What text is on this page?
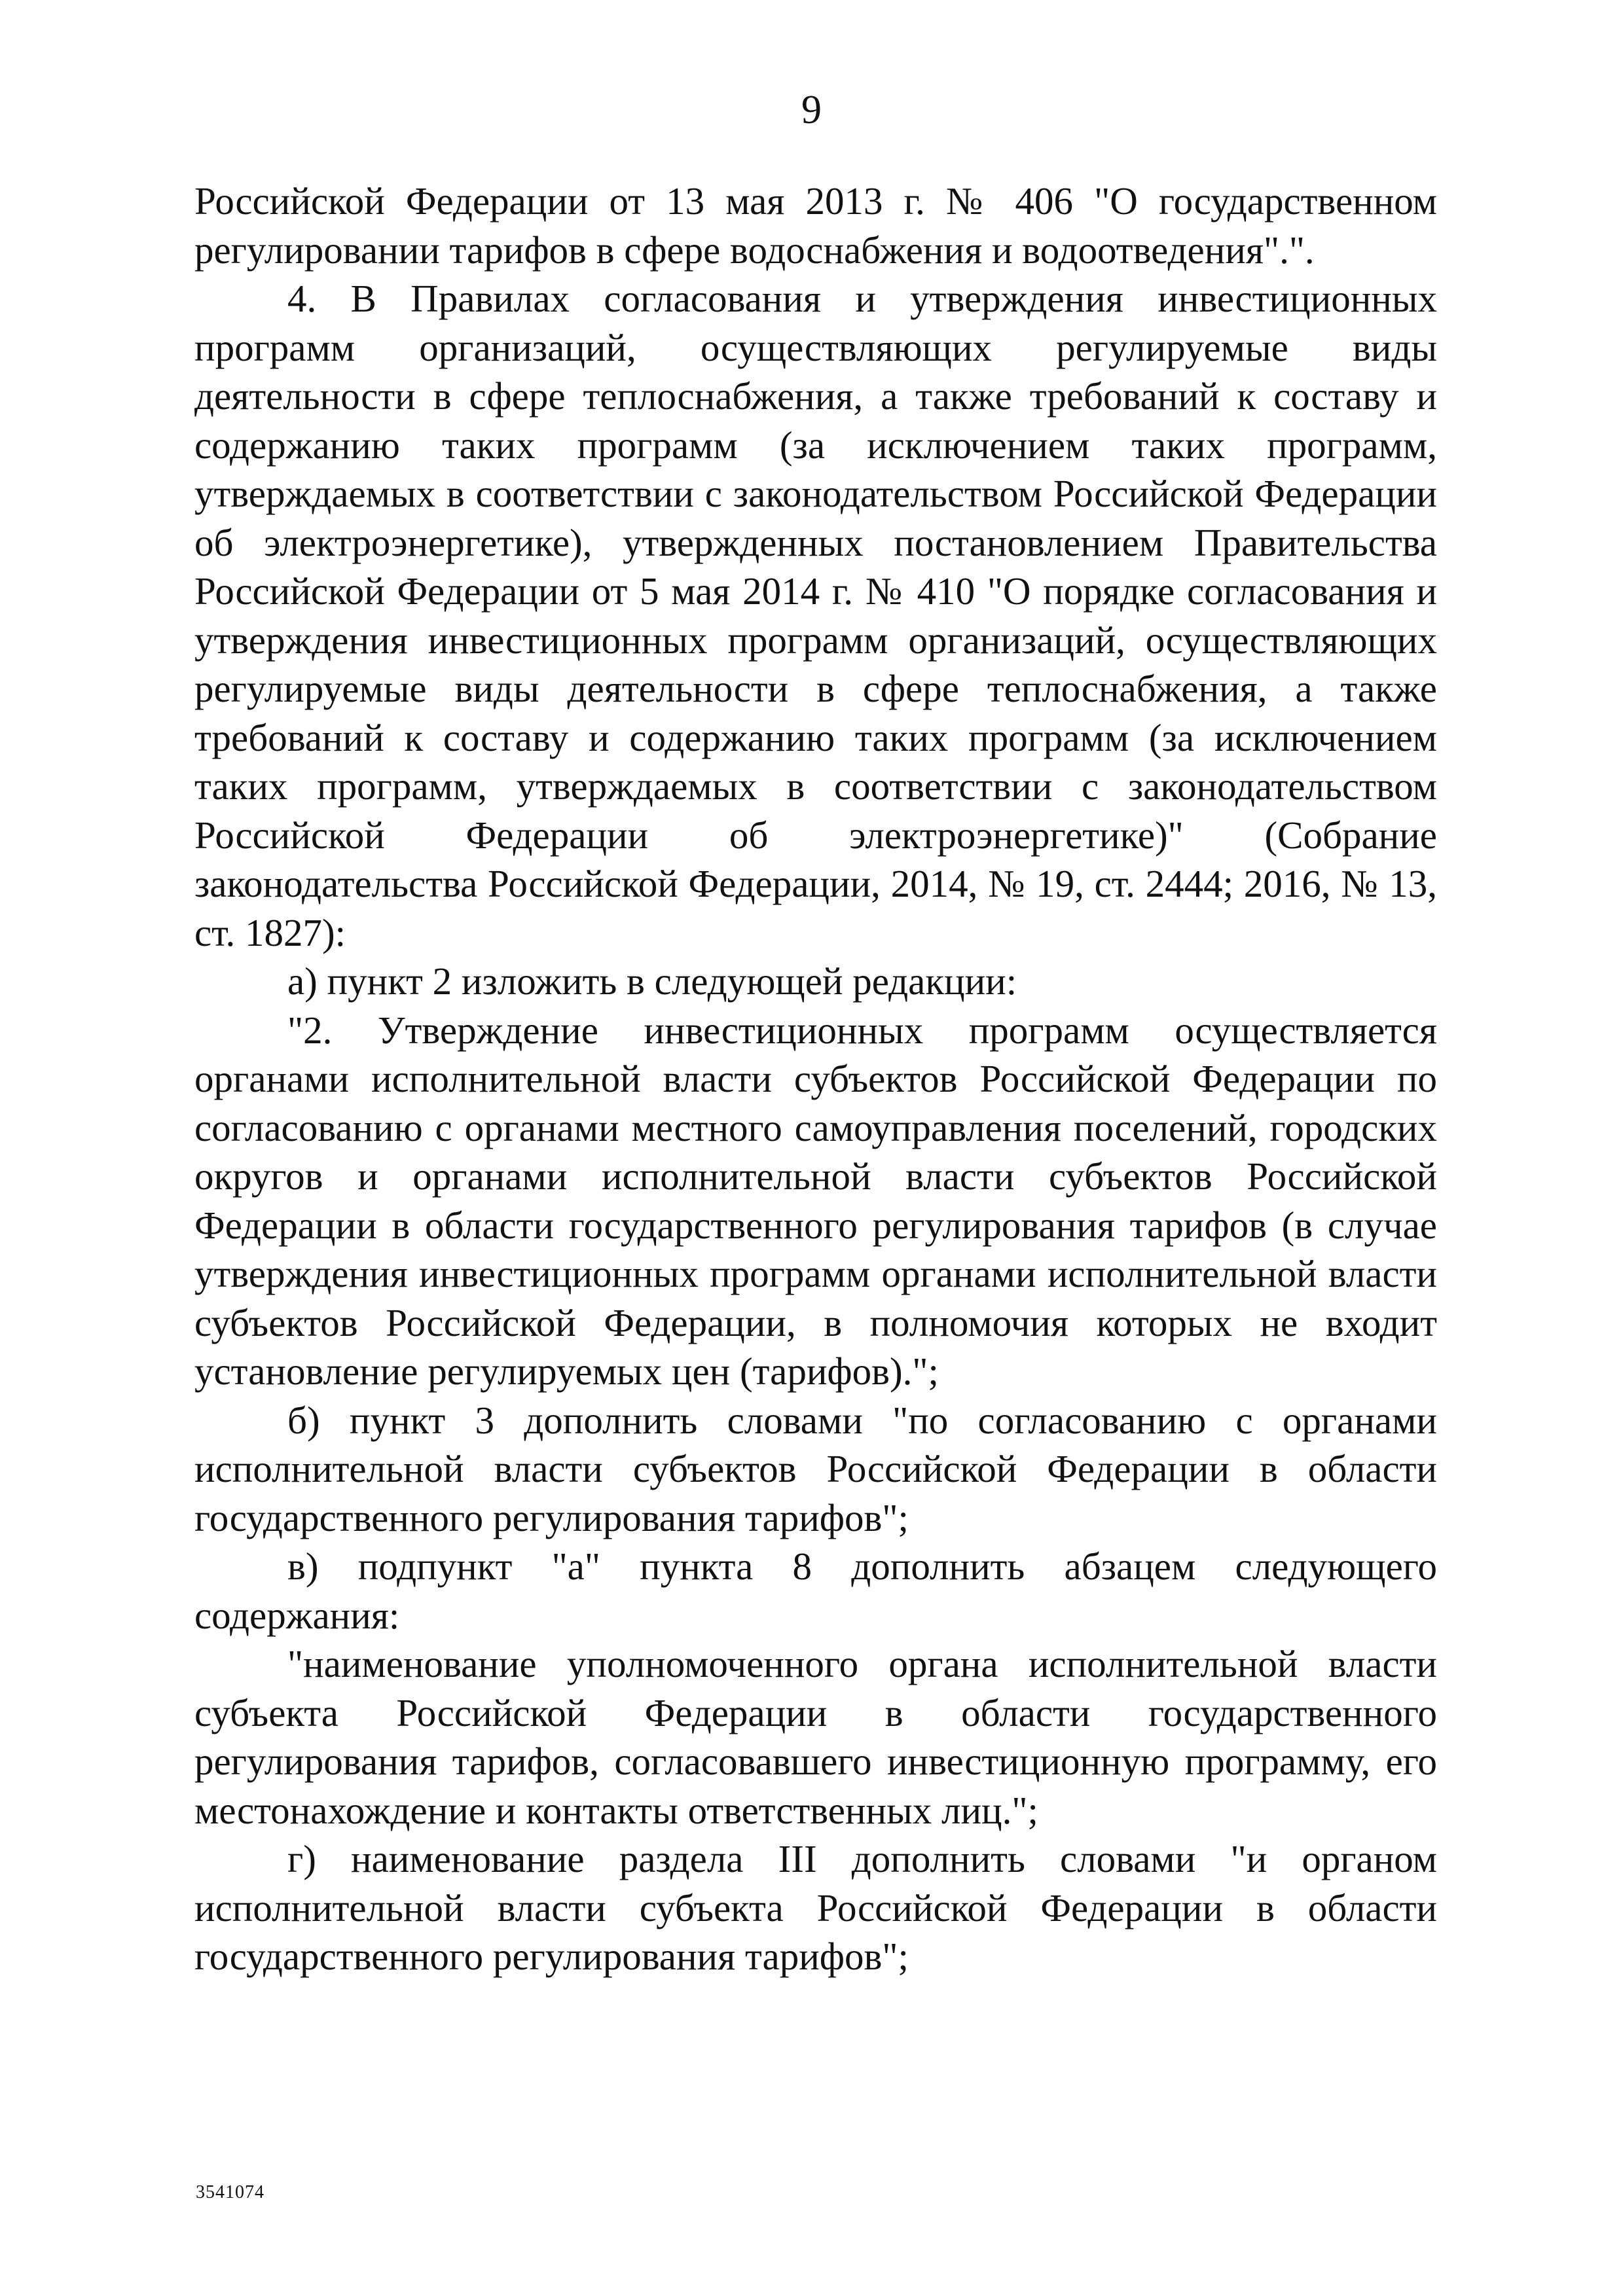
9

Российской Федерации от 13 мая 2013 г. № 406 "О государственном регулировании тарифов в сфере водоснабжения и водоотведения".".

4. В Правилах согласования и утверждения инвестиционных программ организаций, осуществляющих регулируемые виды деятельности в сфере теплоснабжения, а также требований к составу и содержанию таких программ (за исключением таких программ, утверждаемых в соответствии с законодательством Российской Федерации об электроэнергетике), утвержденных постановлением Правительства Российской Федерации от 5 мая 2014 г. № 410 "О порядке согласования и утверждения инвестиционных программ организаций, осуществляющих регулируемые виды деятельности в сфере теплоснабжения, а также требований к составу и содержанию таких программ (за исключением таких программ, утверждаемых в соответствии с законодательством Российской Федерации об электроэнергетике)" (Собрание законодательства Российской Федерации, 2014, № 19, ст. 2444; 2016, № 13, ст. 1827):

а) пункт 2 изложить в следующей редакции:

"2. Утверждение инвестиционных программ осуществляется органами исполнительной власти субъектов Российской Федерации по согласованию с органами местного самоуправления поселений, городских округов и органами исполнительной власти субъектов Российской Федерации в области государственного регулирования тарифов (в случае утверждения инвестиционных программ органами исполнительной власти субъектов Российской Федерации, в полномочия которых не входит установление регулируемых цен (тарифов).";

б) пункт 3 дополнить словами "по согласованию с органами исполнительной власти субъектов Российской Федерации в области государственного регулирования тарифов";

в) подпункт "а" пункта 8 дополнить абзацем следующего содержания:

"наименование уполномоченного органа исполнительной власти субъекта Российской Федерации в области государственного регулирования тарифов, согласовавшего инвестиционную программу, его местонахождение и контакты ответственных лиц.";

г) наименование раздела III дополнить словами "и органом исполнительной власти субъекта Российской Федерации в области государственного регулирования тарифов";

3541074
